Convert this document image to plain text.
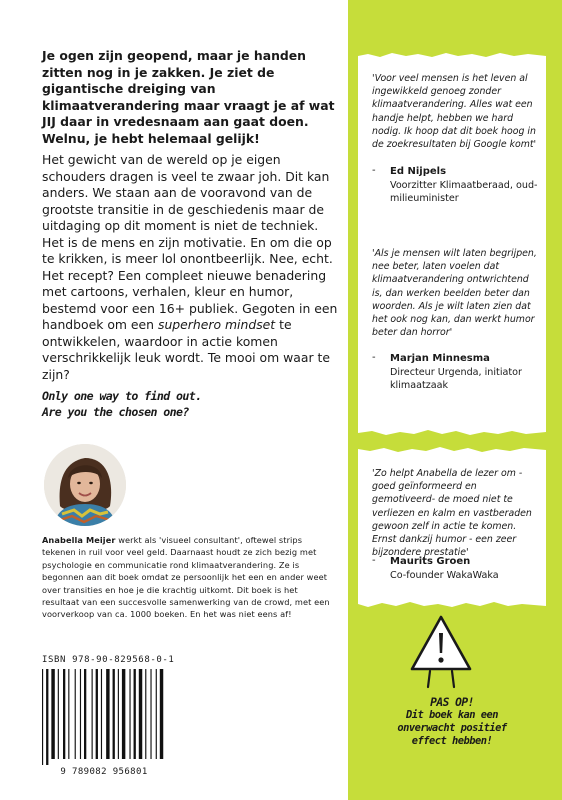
Je ogen zijn geopend, maar je handen zitten nog in je zakken. Je ziet de gigantische dreiging van klimaatverandering maar vraagt je af wat JIJ daar in vredesnaam aan gaat doen. Welnu, je hebt helemaal gelijk!

Het gewicht van de wereld op je eigen schouders dragen is veel te zwaar joh. Dit kan anders. We staan aan de vooravond van de grootste transitie in de geschiedenis maar de uitdaging op dit moment is niet de techniek. Het is de mens en zijn motivatie. En om die op te krikken, is meer lol onontbeerlijk. Nee, echt. Het recept? Een compleet nieuwe benadering met cartoons, verhalen, kleur en humor, bestemd voor een 16+ publiek. Gegoten in een handboek om een superhero mindset te ontwikkelen, waardoor in actie komen verschrikkelijk leuk wordt. Te mooi om waar te zijn?

Only one way to find out.
Are you the chosen one?

Anabella Meijer werkt als 'visueel consultant', oftewel strips tekenen in ruil voor veel geld. Daarnaast houdt ze zich bezig met psychologie en communicatie rond klimaatverandering. Ze is begonnen aan dit boek omdat ze persoonlijk het een en ander weet over transities en hoe je die krachtig uitkomt. Dit boek is het resultaat van een succesvolle samenwerking van de crowd, met een voorverkoop van ca. 1000 boeken. En het was niet eens af!

ISBN 978-90-829568-0-1

9 789082 956801

'Voor veel mensen is het leven al ingewikkeld genoeg zonder klimaatverandering. Alles wat een handje helpt, hebben we hard nodig. Ik hoop dat dit boek hoog in de zoekresultaten bij Google komt'

- Ed Nijpels
Voorzitter Klimaatberaad, oud-milieuminister

'Als je mensen wilt laten begrijpen, nee beter, laten voelen dat klimaatverandering ontwrichtend is, dan werken beelden beter dan woorden. Als je wilt laten zien dat het ook nog kan, dan werkt humor beter dan horror'

- Marjan Minnesma
Directeur Urgenda, initiator klimaatzaak

'Zo helpt Anabella de lezer om -goed geïnformeerd en gemotiveerd- de moed niet te verliezen en kalm en vastberaden gewoon zelf in actie te komen. Ernst dankzij humor - een zeer bijzondere prestatie'

- Maurits Groen
Co-founder WakaWaka

PAS OP!
Dit boek kan een
onverwacht positief
effect hebben!
